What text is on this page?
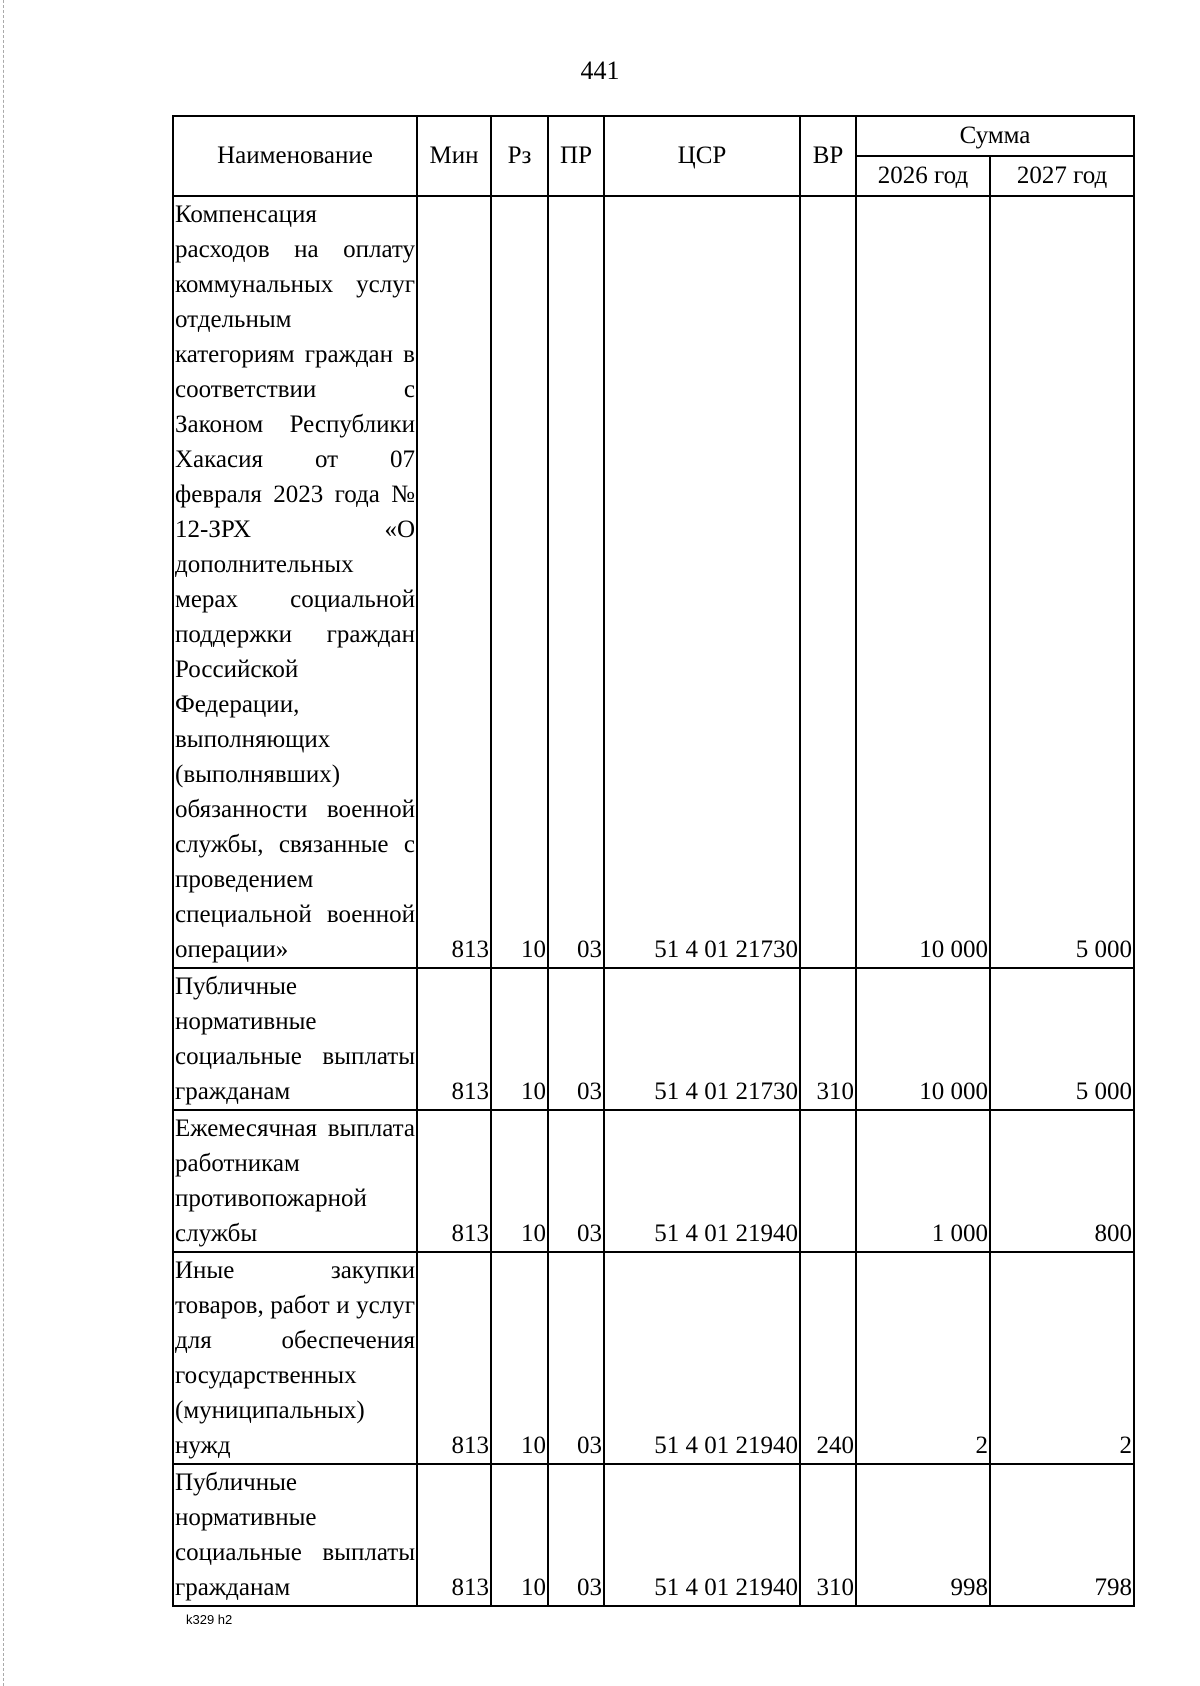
441
Наименование	Мин	Рз	ПР	ЦСР	ВР	Сумма	
						2026 год	2027 год
Компенсация расходов на оплату коммунальных услуг отдельным категориям граждан в соответствии с Законом Республики Хакасия от 07 февраля 2023 года № 12-ЗРХ «О дополнительных мерах социальной поддержки граждан Российской Федерации, выполняющих (выполнявших) обязанности военной службы, связанные с проведением специальной военной операции»	813	10	03	51 4 01 21730		10 000	5 000
Публичные нормативные социальные выплаты гражданам	813	10	03	51 4 01 21730	310	10 000	5 000
Ежемесячная выплата работникам противопожарной службы	813	10	03	51 4 01 21940		1 000	800
Иные закупки товаров, работ и услуг для обеспечения государственных (муниципальных) нужд	813	10	03	51 4 01 21940	240	2	2
Публичные нормативные социальные выплаты гражданам	813	10	03	51 4 01 21940	310	998	798
k329 h2
